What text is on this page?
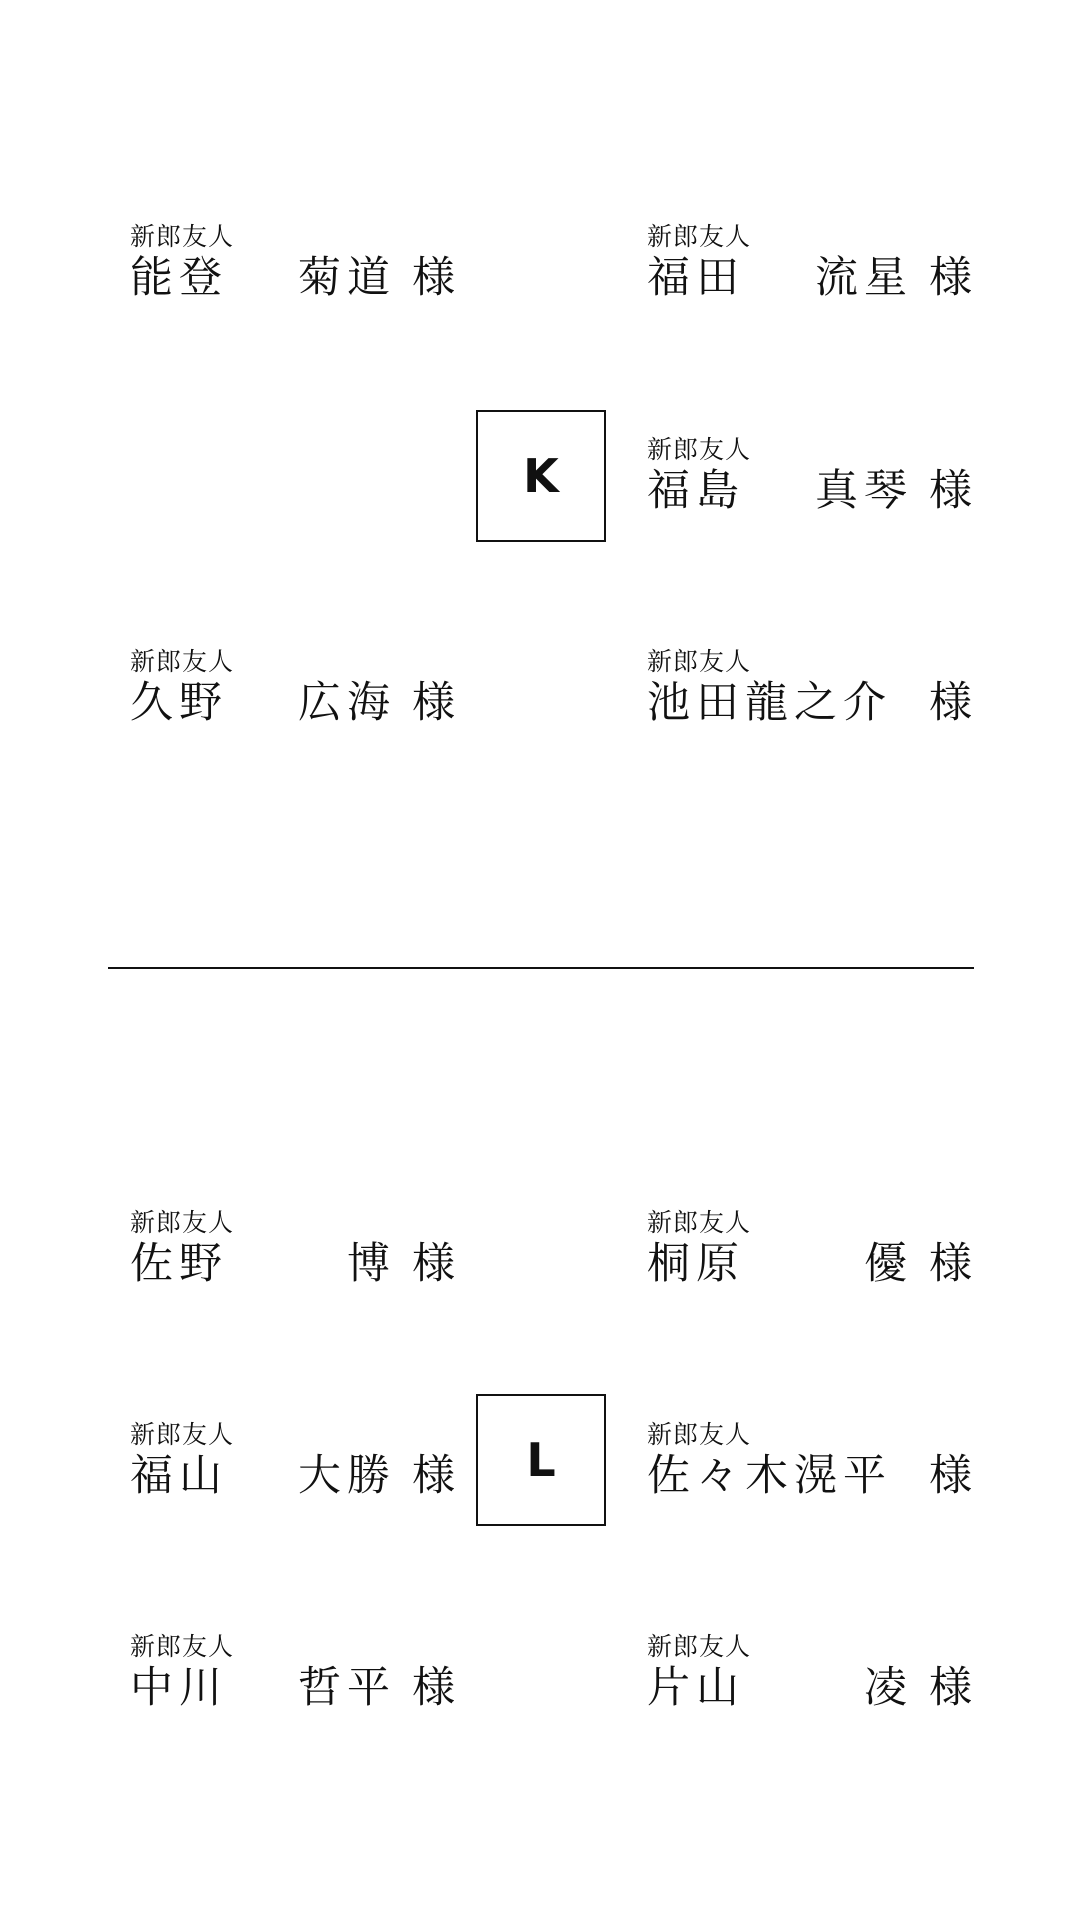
新郎友人
能登	菊道 様
新郎友人
福田	流星 様
K	新郎友人
福島	真琴 様
新郎友人
久野	広海 様
新郎友人
池田 龍之介 様
新郎友人
佐野	博 様
新郎友人
桐原	優 様
L
新郎友人
福山	大勝 様
新郎友人
佐々木 滉平 様
新郎友人
中川	哲平 様
新郎友人
片山	凌 様
